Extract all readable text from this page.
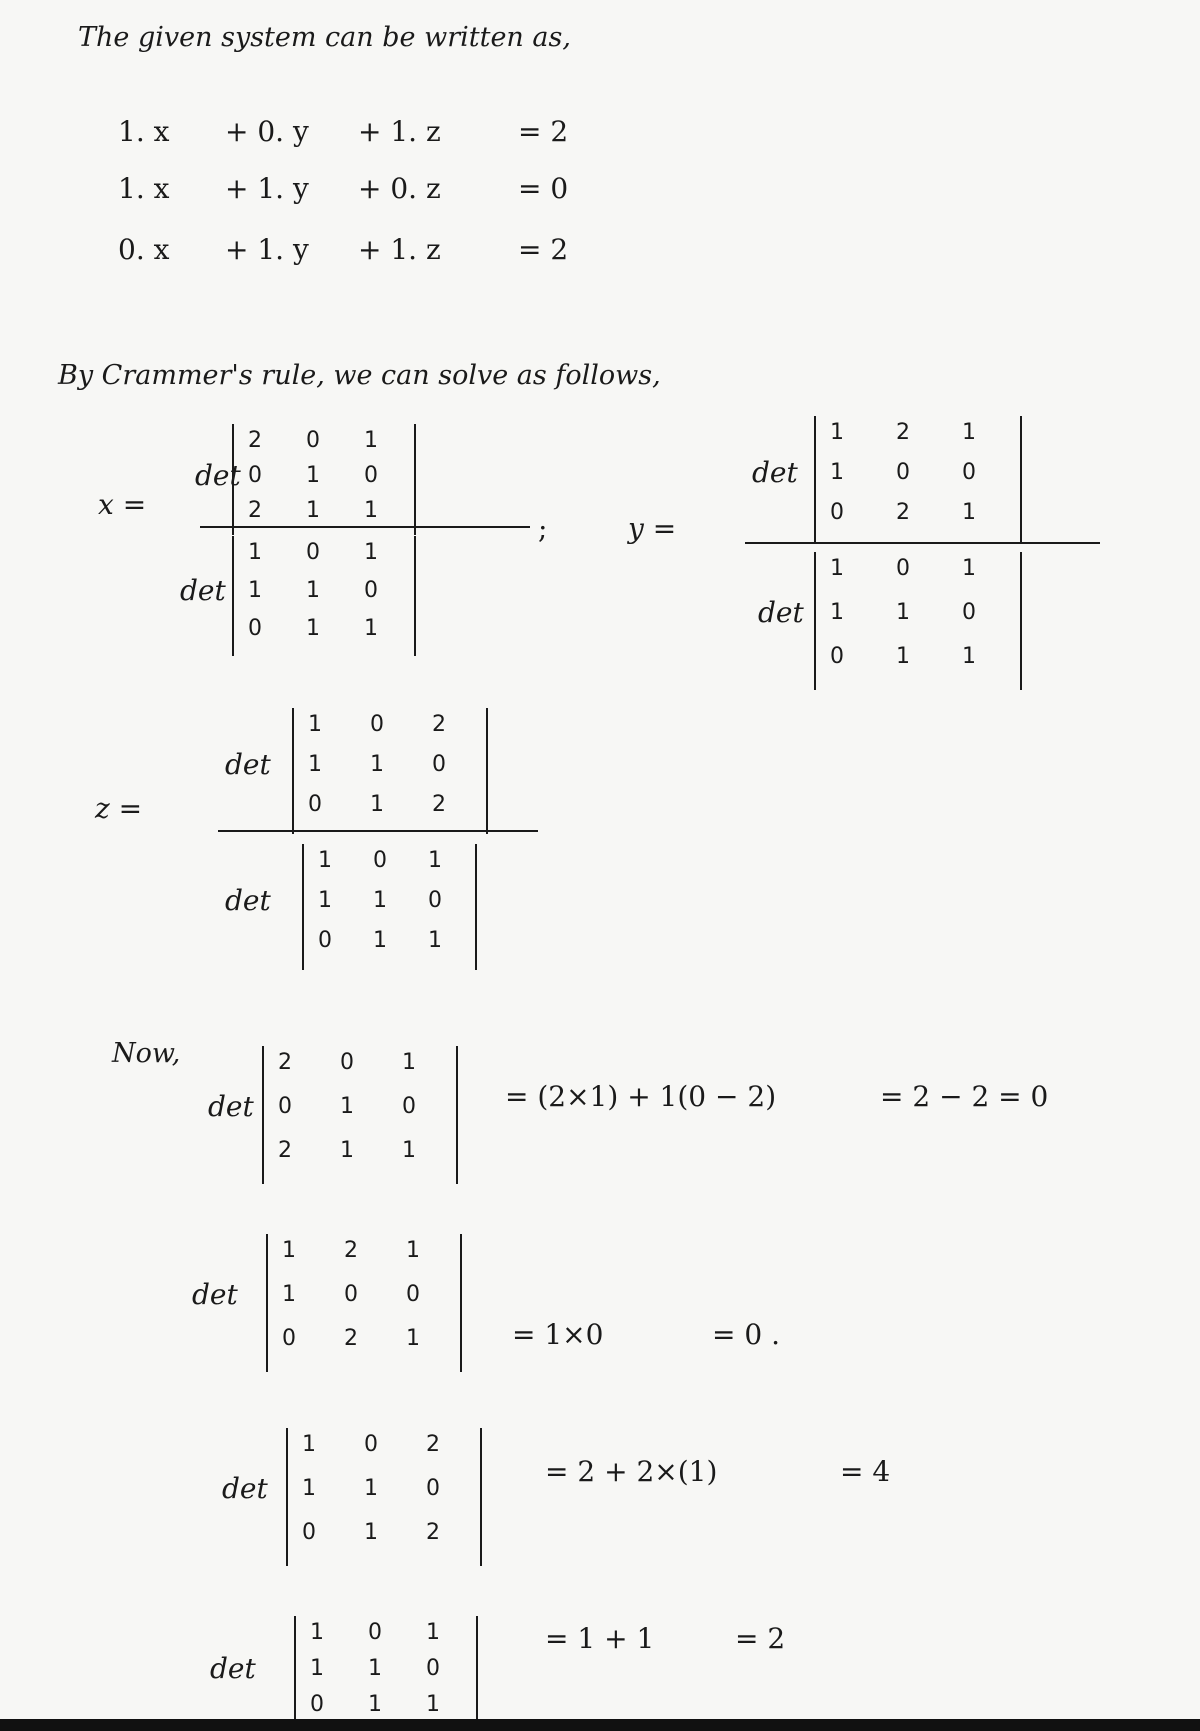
The given system can be written as,
1. x + 0. y + 1. z	= 2
1. x + 1. y + 0. z	= 0
0. x + 1. y + 1. z	= 2
By Crammer's rule, we can solve as follows,
x =
;	y =
z =
Now,
det
2 0 1
0 1 0
2 1 1
det
1 0 1
1 1 0
0 1 1
det
1 2 1
1 0 0
0 2 1
det
1 0 1
1 1 0
0 1 1
det
1 0 2
1 1 0
0 1 2
det
1 0 1
1 1 0
0 1 1
det
2 0 1
0 1 0
2 1 1
det
1 2 1
1 0 0
0 2 1
det
1 0 2
1 1 0
0 1 2
det
1 0 1
1 1 0
0 1 1
= (2×1) + 1(0 − 2)	= 2 − 2 = 0
= 1×0	= 0 .
= 2 + 2×(1)	= 4
= 1 + 1	= 2
